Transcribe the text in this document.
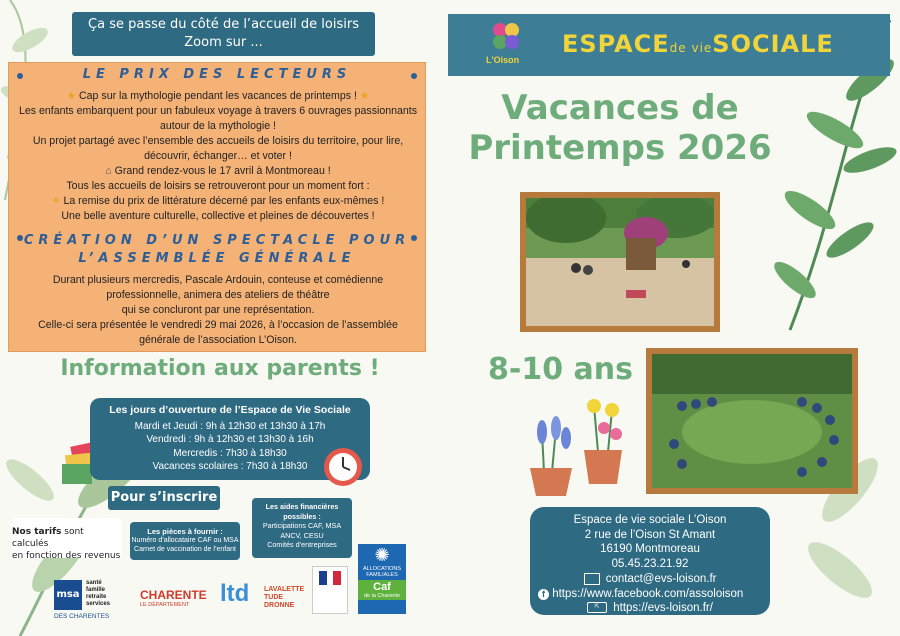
Ça se passe du côté de l’accueil de loisirs
Zoom sur ...
LE PRIX DES LECTEURS
★ Cap sur la mythologie pendant les vacances de printemps ! ★
Les enfants embarquent pour un fabuleux voyage à travers 6 ouvrages passionnants
autour de la mythologie !
Un projet partagé avec l’ensemble des accueils de loisirs du territoire, pour lire,
découvrir, échanger… et voter !
⌂ Grand rendez-vous le 17 avril à Montmoreau !
Tous les accueils de loisirs se retrouveront pour un moment fort :
✦ La remise du prix de littérature décerné par les enfants eux-mêmes !
Une belle aventure culturelle, collective et pleines de découvertes !
CRÉATION D’UN SPECTACLE POUR
L’ASSEMBLÉE GÉNÉRALE
Durant plusieurs mercredis, Pascale Ardouin, conteuse et comédienne
professionnelle, animera des ateliers de théâtre
qui se concluront par une représentation.
Celle-ci sera présentée le vendredi 29 mai 2026, à l’occasion de l’assemblée
générale de l’association L’Oison.
Information aux parents !
Les jours d’ouverture de l’Espace de Vie Sociale
Mardi et Jeudi : 9h à 12h30 et 13h30 à 17h
Vendredi : 9h à 12h30 et 13h30 à 16h
Mercredis : 7h30 à 18h30
Vacances scolaires : 7h30 à 18h30
Pour s’inscrire
Nos tarifs sont calculés
en fonction des revenus
Les pièces à fournir :
Numéro d’allocataire CAF ou MSA
Carnet de vaccination de l’enfant
Les aides financières
possibles :
Participations CAF, MSA
ANCV, CESU
Comités d’entreprises
msa
santé
famille
retraite
services
DES CHARENTES
CHARENTE
LE DÉPARTEMENT	ltd LAVALETTE
TUDE
DRONNE
✺
ALLOCATIONS
FAMILIALES
Caf
de la Charente
L'Oison
ESPACEde vieSOCIALE
Vacances de
Printemps 2026
8-10 ans
Espace de vie sociale L’Oison
2 rue de l’Oison St Amant
16190 Montmoreau
05.45.23.21.92
contact@evs-loison.fr
f https://www.facebook.com/assoloison
⇱ https://evs-loison.fr/
